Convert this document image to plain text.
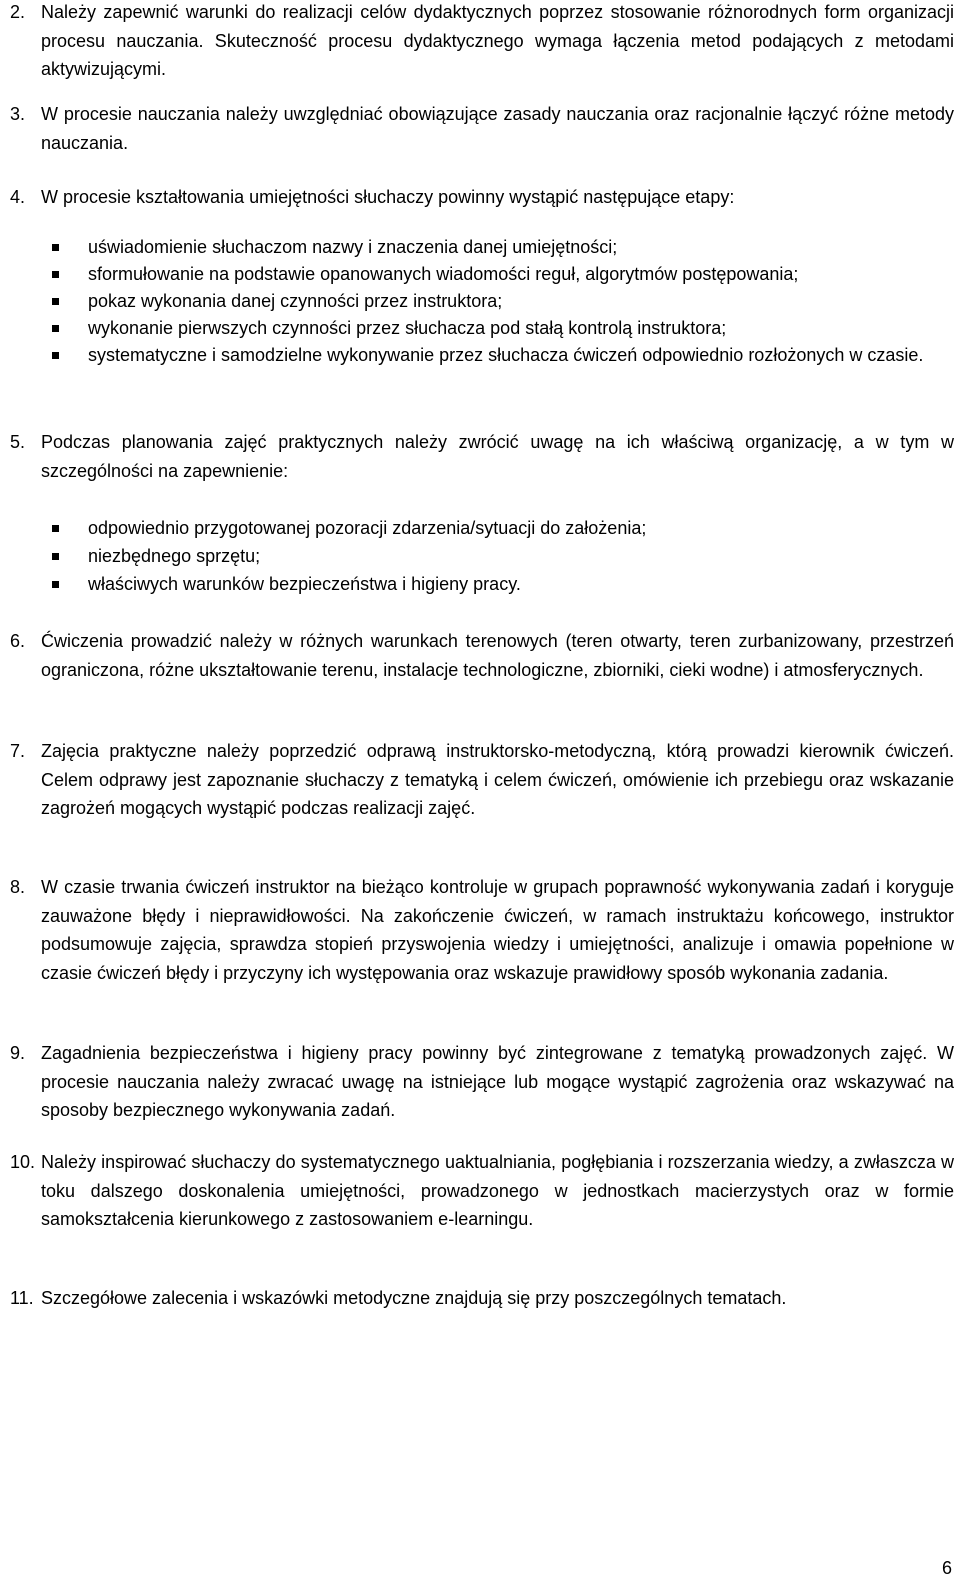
2. Należy zapewnić warunki do realizacji celów dydaktycznych poprzez stosowanie różnorodnych form organizacji procesu nauczania. Skuteczność procesu dydaktycznego wymaga łączenia metod podających z metodami aktywizującymi.
3. W procesie nauczania należy uwzględniać obowiązujące zasady nauczania oraz racjonalnie łączyć różne metody nauczania.
4. W procesie kształtowania umiejętności słuchaczy powinny wystąpić następujące etapy:
uświadomienie słuchaczom nazwy i znaczenia danej umiejętności;
sformułowanie na podstawie opanowanych wiadomości reguł, algorytmów postępowania;
pokaz wykonania danej czynności przez instruktora;
wykonanie pierwszych czynności przez słuchacza pod stałą kontrolą instruktora;
systematyczne i samodzielne wykonywanie przez słuchacza ćwiczeń odpowiednio rozłożonych w czasie.
5. Podczas planowania zajęć praktycznych należy zwrócić uwagę na ich właściwą organizację, a w tym w szczególności na zapewnienie:
odpowiednio przygotowanej pozoracji zdarzenia/sytuacji do założenia;
niezbędnego sprzętu;
właściwych warunków bezpieczeństwa i higieny pracy.
6. Ćwiczenia prowadzić należy w różnych warunkach terenowych (teren otwarty, teren zurbanizowany, przestrzeń ograniczona, różne ukształtowanie terenu, instalacje technologiczne, zbiorniki, cieki wodne) i atmosferycznych.
7. Zajęcia praktyczne należy poprzedzić odprawą instruktorsko-metodyczną, którą prowadzi kierownik ćwiczeń. Celem odprawy jest zapoznanie słuchaczy z tematyką i celem ćwiczeń, omówienie ich przebiegu oraz wskazanie zagrożeń mogących wystąpić podczas realizacji zajęć.
8. W czasie trwania ćwiczeń instruktor na bieżąco kontroluje w grupach poprawność wykonywania zadań i koryguje zauważone błędy i nieprawidłowości. Na zakończenie ćwiczeń, w ramach instruktażu końcowego, instruktor podsumowuje zajęcia, sprawdza stopień przyswojenia wiedzy i umiejętności, analizuje i omawia popełnione w czasie ćwiczeń błędy i przyczyny ich występowania oraz wskazuje prawidłowy sposób wykonania zadania.
9. Zagadnienia bezpieczeństwa i higieny pracy powinny być zintegrowane z tematyką prowadzonych zajęć. W procesie nauczania należy zwracać uwagę na istniejące lub mogące wystąpić zagrożenia oraz wskazywać na sposoby bezpiecznego wykonywania zadań.
10. Należy inspirować słuchaczy do systematycznego uaktualniania, pogłębiania i rozszerzania wiedzy, a zwłaszcza w toku dalszego doskonalenia umiejętności, prowadzonego w jednostkach macierzystych oraz w formie samokształcenia kierunkowego z zastosowaniem e-learningu.
11. Szczegółowe zalecenia i wskazówki metodyczne znajdują się przy poszczególnych tematach.
6
